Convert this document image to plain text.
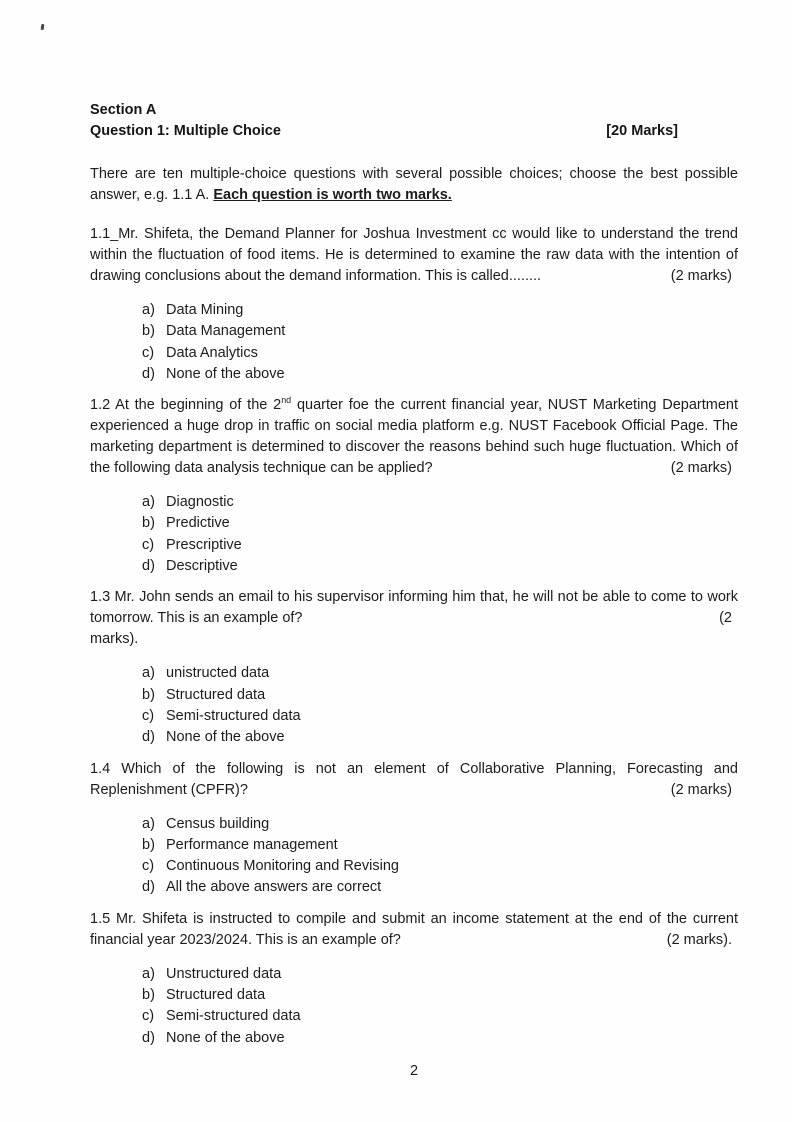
Section A
Question 1: Multiple Choice	[20 Marks]

There are ten multiple-choice questions with several possible choices; choose the best possible answer, e.g. 1.1 A. Each question is worth two marks.

1.1_Mr. Shifeta, the Demand Planner for Joshua Investment cc would like to understand the trend within the fluctuation of food items. He is determined to examine the raw data with the intention of drawing conclusions about the demand information. This is called........	(2 marks)

a) Data Mining
b) Data Management
c) Data Analytics
d) None of the above

1.2 At the beginning of the 2nd quarter foe the current financial year, NUST Marketing Department experienced a huge drop in traffic on social media platform e.g. NUST Facebook Official Page. The marketing department is determined to discover the reasons behind such huge fluctuation. Which of the following data analysis technique can be applied?	(2 marks)

a) Diagnostic
b) Predictive
c) Prescriptive
d) Descriptive

1.3 Mr. John sends an email to his supervisor informing him that, he will not be able to come to work tomorrow. This is an example of?	(2
marks).

a) unistructed data
b) Structured data
c) Semi-structured data
d) None of the above

1.4 Which of the following is not an element of Collaborative Planning, Forecasting and Replenishment (CPFR)?	(2 marks)

a) Census building
b) Performance management
c) Continuous Monitoring and Revising
d) All the above answers are correct

1.5 Mr. Shifeta is instructed to compile and submit an income statement at the end of the current financial year 2023/2024. This is an example of?	(2 marks).

a) Unstructured data
b) Structured data
c) Semi-structured data
d) None of the above
2
